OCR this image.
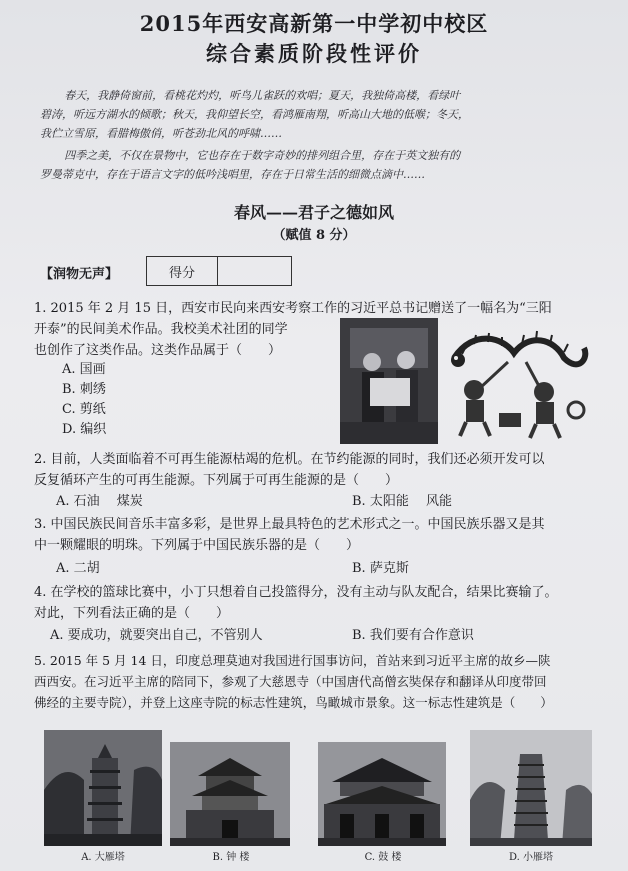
2015年西安高新第一中学初中校区
综合素质阶段性评价

春天，我静倚窗前，看桃花灼灼，听鸟儿雀跃的欢唱；夏天，我独倚高楼，看绿叶

碧涛，听远方湖水的倾歌；秋天，我仰望长空，看鸿雁南翔，听高山大地的低喉；冬天，
我伫立雪原，看腊梅傲俏，听苍劲北风的呼啸……

四季之美，不仅在景物中，它也存在于数字奇妙的排列组合里，存在于英文独有的

罗曼蒂克中，存在于语言文字的低吟浅唱里，存在于日常生活的细微点滴中……
春风——君子之德如风
（赋值 8 分）
【润物无声】	得分
1. 2015 年 2 月 15 日，西安市民向来西安考察工作的习近平总书记赠送了一幅名为“三阳
开泰”的民间美术作品。我校美术社团的同学
也创作了这类作品。这类作品属于（　　）
A. 国画
B. 刺绣
C. 剪纸
D. 编织
2. 目前，人类面临着不可再生能源枯竭的危机。在节约能源的同时，我们还必须开发可以
反复循环产生的可再生能源。下列属于可再生能源的是（　　）
A. 石油　 煤炭	B. 太阳能　 风能
3. 中国民族民间音乐丰富多彩，是世界上最具特色的艺术形式之一。中国民族乐器又是其
中一颗耀眼的明珠。下列属于中国民族乐器的是（　　）
A. 二胡	B. 萨克斯
4. 在学校的篮球比赛中，小丁只想着自己投篮得分，没有主动与队友配合，结果比赛输了。
对此，下列看法正确的是（　　）
A. 要成功，就要突出自己，不管别人	B. 我们要有合作意识
5. 2015 年 5 月 14 日，印度总理莫迪对我国进行国事访问，首站来到习近平主席的故乡—陕
西西安。在习近平主席的陪同下，参观了大慈恩寺（中国唐代高僧玄奘保存和翻译从印度带回
佛经的主要寺院），并登上这座寺院的标志性建筑，鸟瞰城市景象。这一标志性建筑是（　　）
A. 大雁塔	B. 钟 楼	C. 鼓 楼	D. 小雁塔
